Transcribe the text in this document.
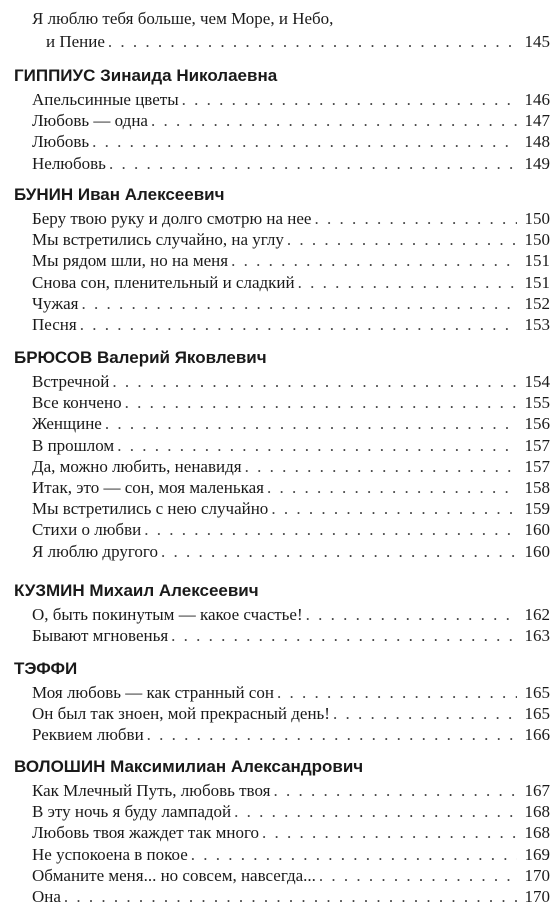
Я люблю тебя больше, чем Море, и Небо,
и Пение . . .	145
ГИППИУС Зинаида Николаевна
Апельсинные цветы . . .	146
Любовь — одна . . .	147
Любовь . . .	148
Нелюбовь . . .	149
БУНИН Иван Алексеевич
Беру твою руку и долго смотрю на нее . . .	150
Мы встретились случайно, на углу . . .	150
Мы рядом шли, но на меня . . .	151
Снова сон, пленительный и сладкий . . .	151
Чужая . . .	152
Песня . . .	153
БРЮСОВ Валерий Яковлевич
Встречной . . .	154
Все кончено . . .	155
Женщине . . .	156
В прошлом . . .	157
Да, можно любить, ненавидя . . .	157
Итак, это — сон, моя маленькая . . .	158
Мы встретились с нею случайно . . .	159
Стихи о любви . . .	160
Я люблю другого . . .	160
КУЗМИН Михаил Алексеевич
О, быть покинутым — какое счастье! . . .	162
Бывают мгновенья . . .	163
ТЭФФИ
Моя любовь — как странный сон . . .	165
Он был так зноен, мой прекрасный день! . . .	165
Реквием любви . . .	166
ВОЛОШИН Максимилиан Александрович
Как Млечный Путь, любовь твоя . . .	167
В эту ночь я буду лампадой . . .	168
Любовь твоя жаждет так много . . .	168
Не успокоена в покое . . .	169
Обманите меня... но совсем, навсегда... . . .	170
Она . . .	170
